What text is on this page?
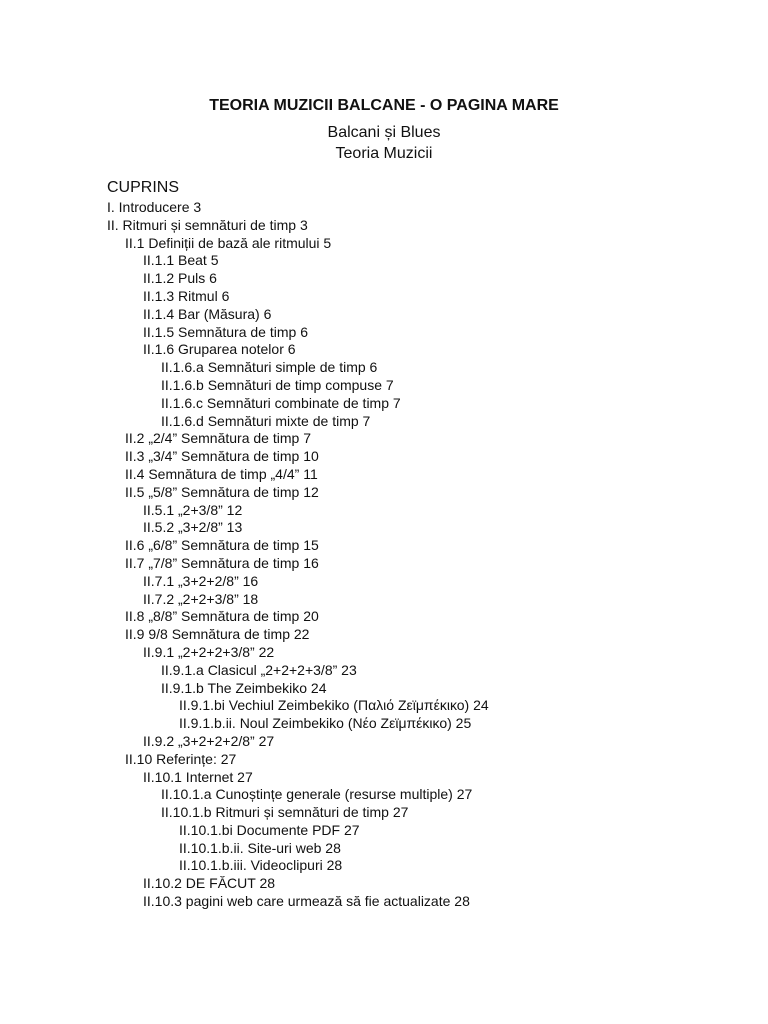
TEORIA MUZICII BALCANE - O PAGINA MARE
Balcani și Blues
Teoria Muzicii
CUPRINS
I. Introducere 3
II. Ritmuri și semnături de timp 3
II.1 Definiții de bază ale ritmului 5
II.1.1 Beat 5
II.1.2 Puls 6
II.1.3 Ritmul 6
II.1.4 Bar (Măsura) 6
II.1.5 Semnătura de timp 6
II.1.6 Gruparea notelor 6
II.1.6.a Semnături simple de timp 6
II.1.6.b Semnături de timp compuse 7
II.1.6.c Semnături combinate de timp 7
II.1.6.d Semnături mixte de timp 7
II.2 „2/4” Semnătura de timp 7
II.3 „3/4” Semnătura de timp 10
II.4 Semnătura de timp „4/4” 11
II.5 „5/8” Semnătura de timp 12
II.5.1 „2+3/8” 12
II.5.2 „3+2/8” 13
II.6 „6/8” Semnătura de timp 15
II.7 „7/8” Semnătura de timp 16
II.7.1 „3+2+2/8” 16
II.7.2 „2+2+3/8” 18
II.8 „8/8” Semnătura de timp 20
II.9 9/8 Semnătura de timp 22
II.9.1 „2+2+2+3/8” 22
II.9.1.a Clasicul „2+2+2+3/8” 23
II.9.1.b The Zeimbekiko 24
II.9.1.bi Vechiul Zeimbekiko (Παλιό Ζεϊμπέκικο) 24
II.9.1.b.ii. Noul Zeimbekiko (Νέο Ζεϊμπέκικο) 25
II.9.2 „3+2+2+2/8” 27
II.10 Referințe: 27
II.10.1 Internet 27
II.10.1.a Cunoștințe generale (resurse multiple) 27
II.10.1.b Ritmuri și semnături de timp 27
II.10.1.bi Documente PDF 27
II.10.1.b.ii. Site-uri web 28
II.10.1.b.iii. Videoclipuri 28
II.10.2 DE FĂCUT 28
II.10.3 pagini web care urmează să fie actualizate 28
